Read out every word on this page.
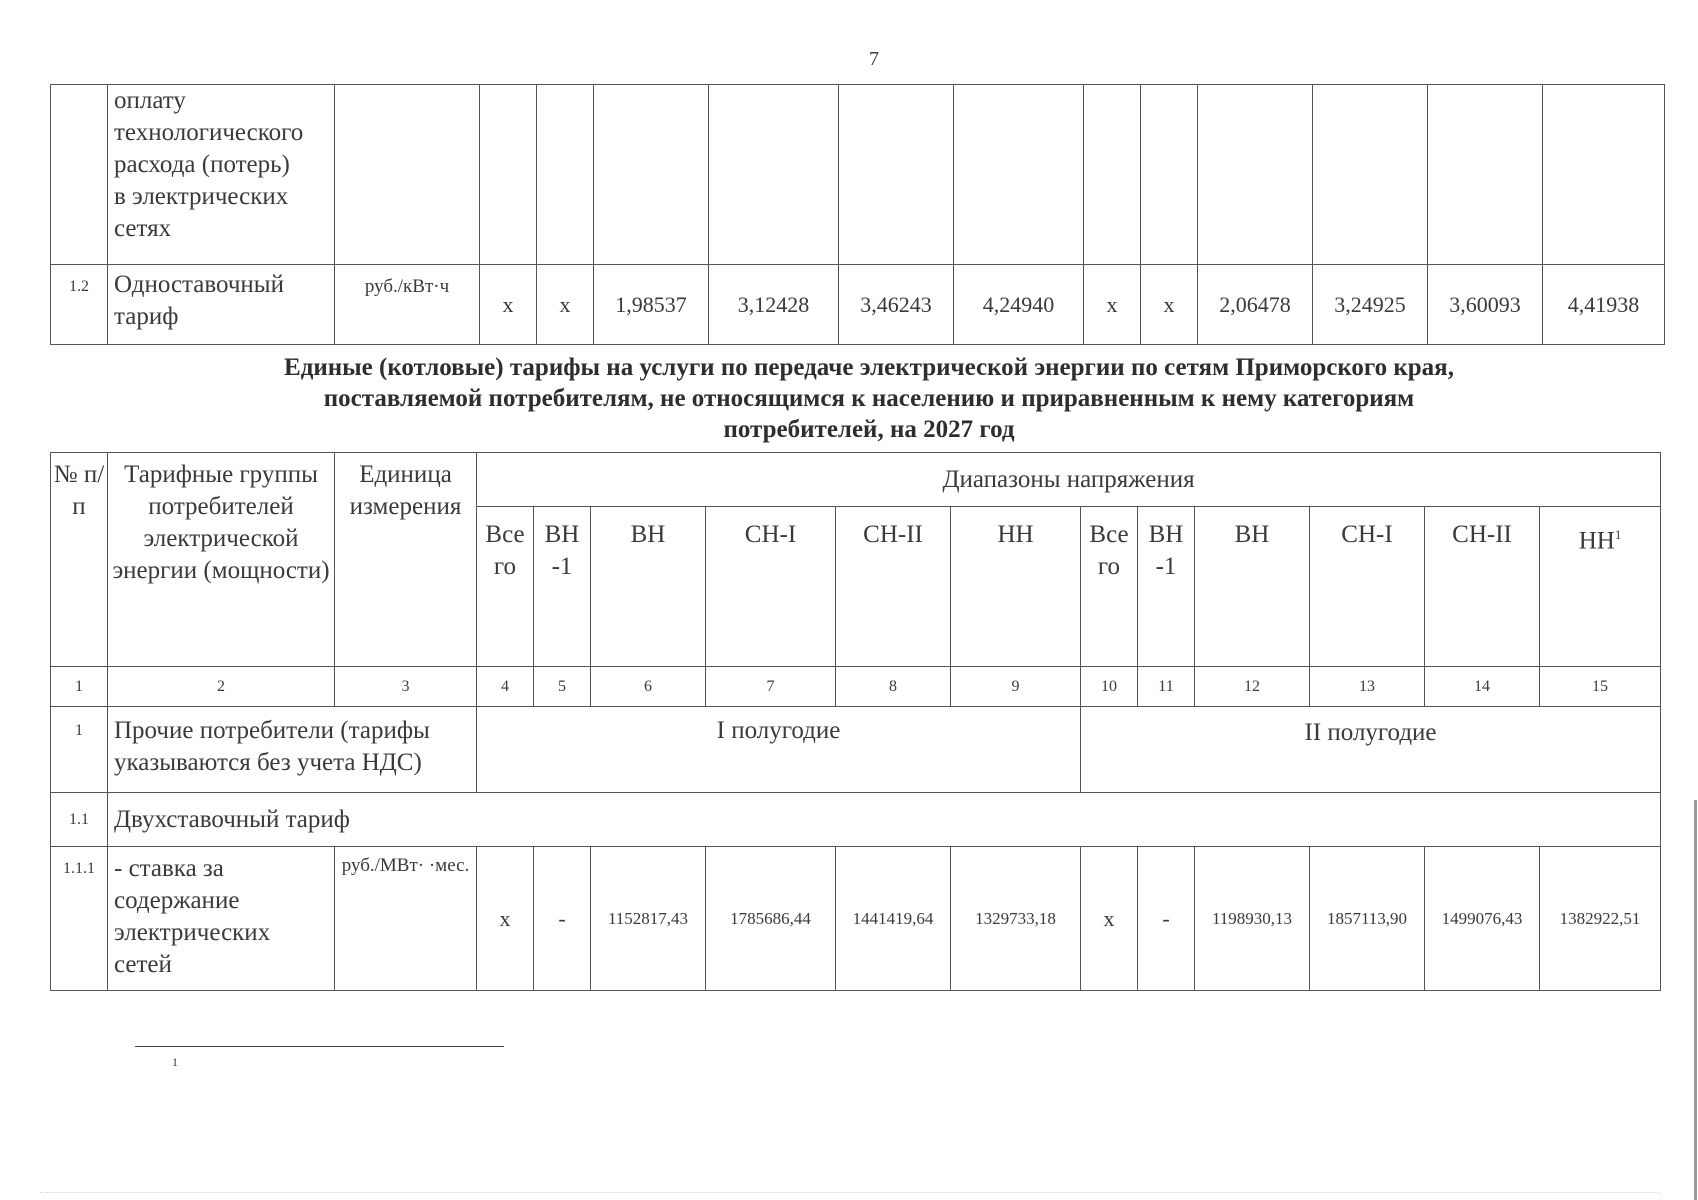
7

	оплату
технологического
расхода (потерь)
в электрических
сетях													

1.2	Одноставочный тариф	руб./кВт·ч	х	х	1,98537	3,12428	3,46243	4,24940	х	х	2,06478	3,24925	3,60093	4,41938
Единые (котловые) тарифы на услуги по передаче электрической энергии по сетям Приморского края,
поставляемой потребителям, не относящимся к населению и приравненным к нему категориям
потребителей, на 2027 год
№ п/п	Тарифные группы потребителей электрической энергии (мощности)	Единица измерения	Диапазоны напряжения											
			Все го	ВН -1	ВН	СН-I	СН-II	НН	Все го	ВН -1	ВН	СН-I	СН-II	$НН^1$
1	2	3	4	5	6	7	8	9	10	11	12	13	14	15
1	Прочие потребители (тарифы указываются без учета НДС)		I полугодие						II полугодие					
1.1	Двухставочный тариф													
1.1.1	- ставка за содержание электрических сетей	руб./МВт· ·мес.	х	-	1152817,43	1785686,44	1441419,64	1329733,18	х	-	1198930,13	1857113,90	1499076,43	1382922,51
1
